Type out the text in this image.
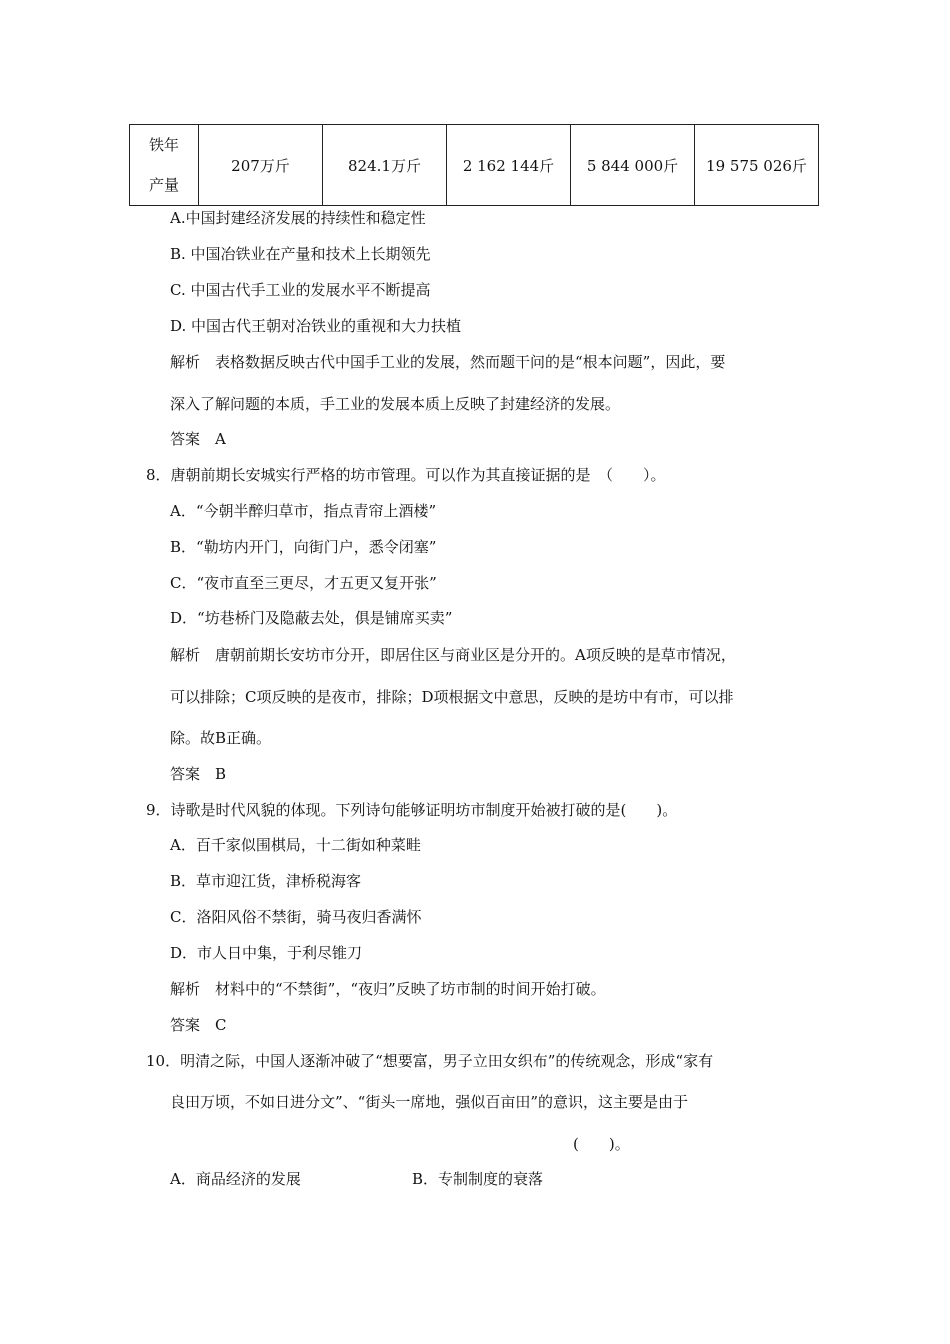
铁年
产量
	207万斤	824.1万斤	2 162 144斤	5 844 000斤	19 575 026斤
A.中国封建经济发展的持续性和稳定性
B. 中国冶铁业在产量和技术上长期领先
C. 中国古代手工业的发展水平不断提高
D. 中国古代王朝对冶铁业的重视和大力扶植
解析　表格数据反映古代中国手工业的发展，然而题干问的是“根本问题”，因此，要
深入了解问题的本质，手工业的发展本质上反映了封建经济的发展。
答案　A
8．唐朝前期长安城实行严格的坊市管理。可以作为其直接证据的是　（　　）。
A．“今朝半醉归草市，指点青帘上酒楼”
B．“勒坊内开门，向街门户，悉令闭塞”
C．“夜市直至三更尽，才五更又复开张”
D．“坊巷桥门及隐蔽去处，俱是铺席买卖”
解析　唐朝前期长安坊市分开，即居住区与商业区是分开的。A项反映的是草市情况，
可以排除；C项反映的是夜市，排除；D项根据文中意思，反映的是坊中有市，可以排
除。故B正确。
答案　B
9．诗歌是时代风貌的体现。下列诗句能够证明坊市制度开始被打破的是(　　)。
A．百千家似围棋局，十二街如种菜畦
B．草市迎江货，津桥税海客
C．洛阳风俗不禁街，骑马夜归香满怀
D．市人日中集，于利尽锥刀
解析　材料中的“不禁街”，“夜归”反映了坊市制的时间开始打破。
答案　C
10．明清之际，中国人逐渐冲破了“想要富，男子立田女织布”的传统观念，形成“家有
良田万顷，不如日进分文”、“街头一席地，强似百亩田”的意识，这主要是由于
(　　)。
A．商品经济的发展	B．专制制度的衰落
